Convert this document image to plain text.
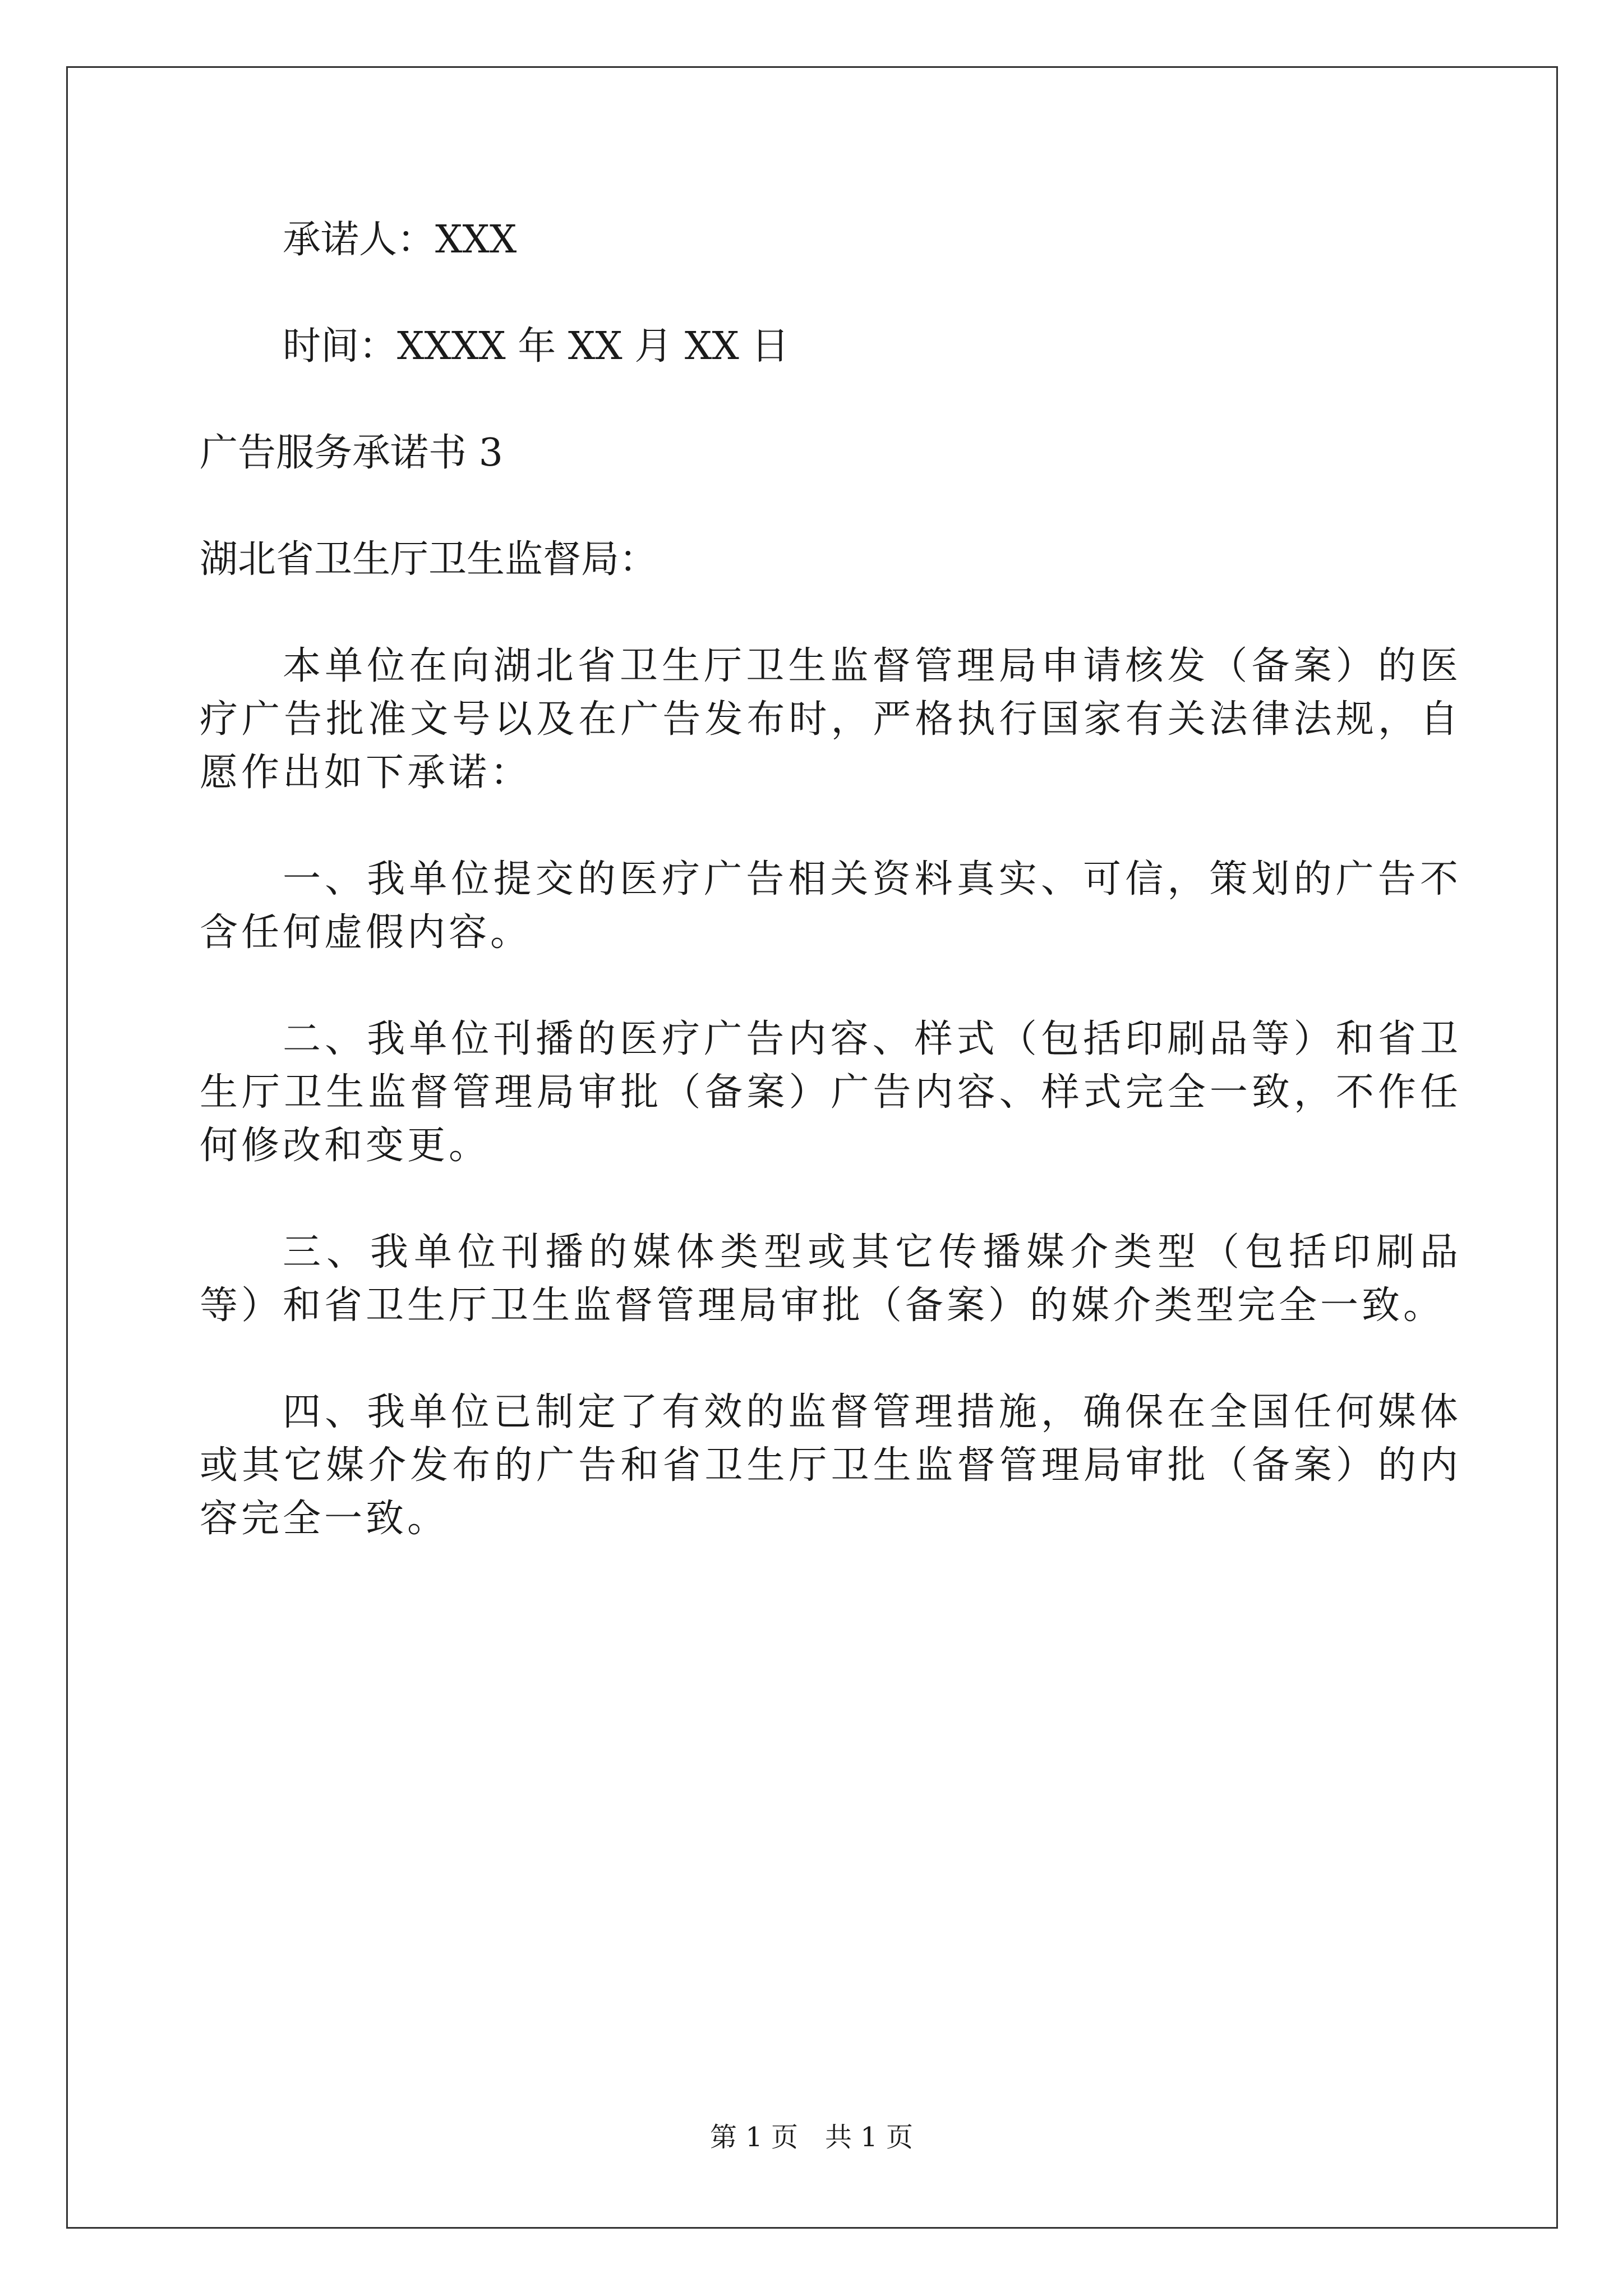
承诺人：XXX
时间：XXXX 年 XX 月 XX 日
广告服务承诺书 3
湖北省卫生厅卫生监督局：

本单位在向湖北省卫生厅卫生监督管理局申请核发（备案）的医疗广告批准文号以及在广告发布时，严格执行国家有关法律法规，自愿作出如下承诺：

一、我单位提交的医疗广告相关资料真实、可信，策划的广告不含任何虚假内容。

二、我单位刊播的医疗广告内容、样式（包括印刷品等）和省卫生厅卫生监督管理局审批（备案）广告内容、样式完全一致，不作任何修改和变更。

三、我单位刊播的媒体类型或其它传播媒介类型（包括印刷品等）和省卫生厅卫生监督管理局审批（备案）的媒介类型完全一致。

四、我单位已制定了有效的监督管理措施，确保在全国任何媒体或其它媒介发布的广告和省卫生厅卫生监督管理局审批（备案）的内容完全一致。

第 1 页　共 1 页
